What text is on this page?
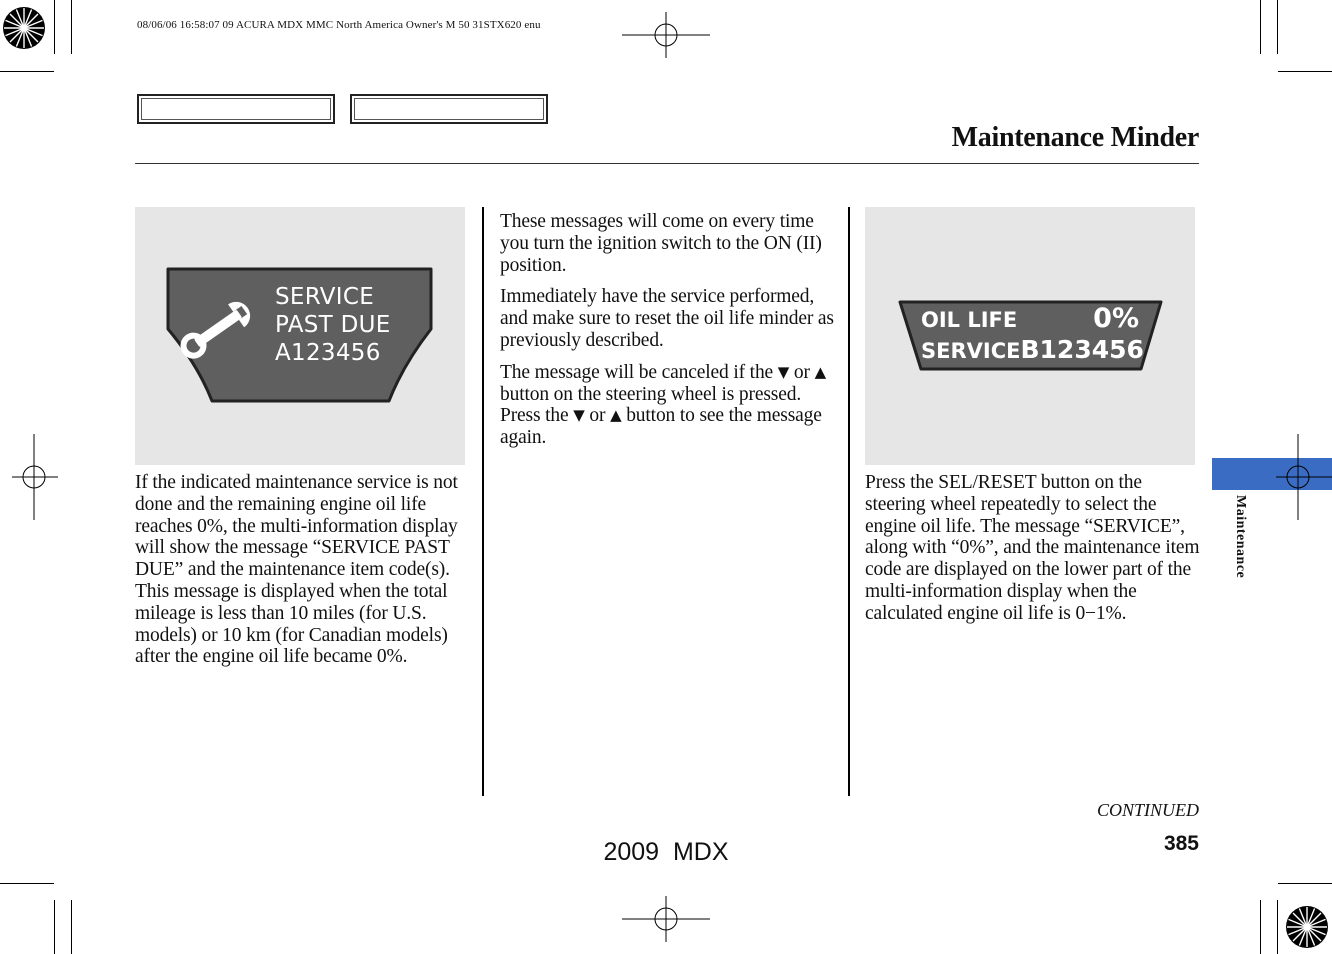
08/06/06 16:58:07 09 ACURA MDX MMC North America Owner's M 50 31STX620 enu
Maintenance Minder
SERVICE
PAST DUE
A123456
OIL LIFE	0%
SERVICE B123456

If the indicated maintenance service is not done and the remaining engine oil life reaches 0%, the multi-information display will show the message “SERVICE PAST DUE” and the maintenance item code(s). This message is displayed when the total mileage is less than 10 miles (for U.S. models) or 10 km (for Canadian models) after the engine oil life became 0%.

These messages will come on every time you turn the ignition switch to the ON (II) position.

Immediately have the service performed, and make sure to reset the oil life minder as previously described.

The message will be canceled if the ▼ or ▲ button on the steering wheel is pressed. Press the ▼ or ▲ button to see the message again.

Press the SEL/RESET button on the steering wheel repeatedly to select the engine oil life. The message “SERVICE”, along with “0%”, and the maintenance item code are displayed on the lower part of the multi-information display when the calculated engine oil life is 0−1%.

Maintenance
CONTINUED
385
2009  MDX
